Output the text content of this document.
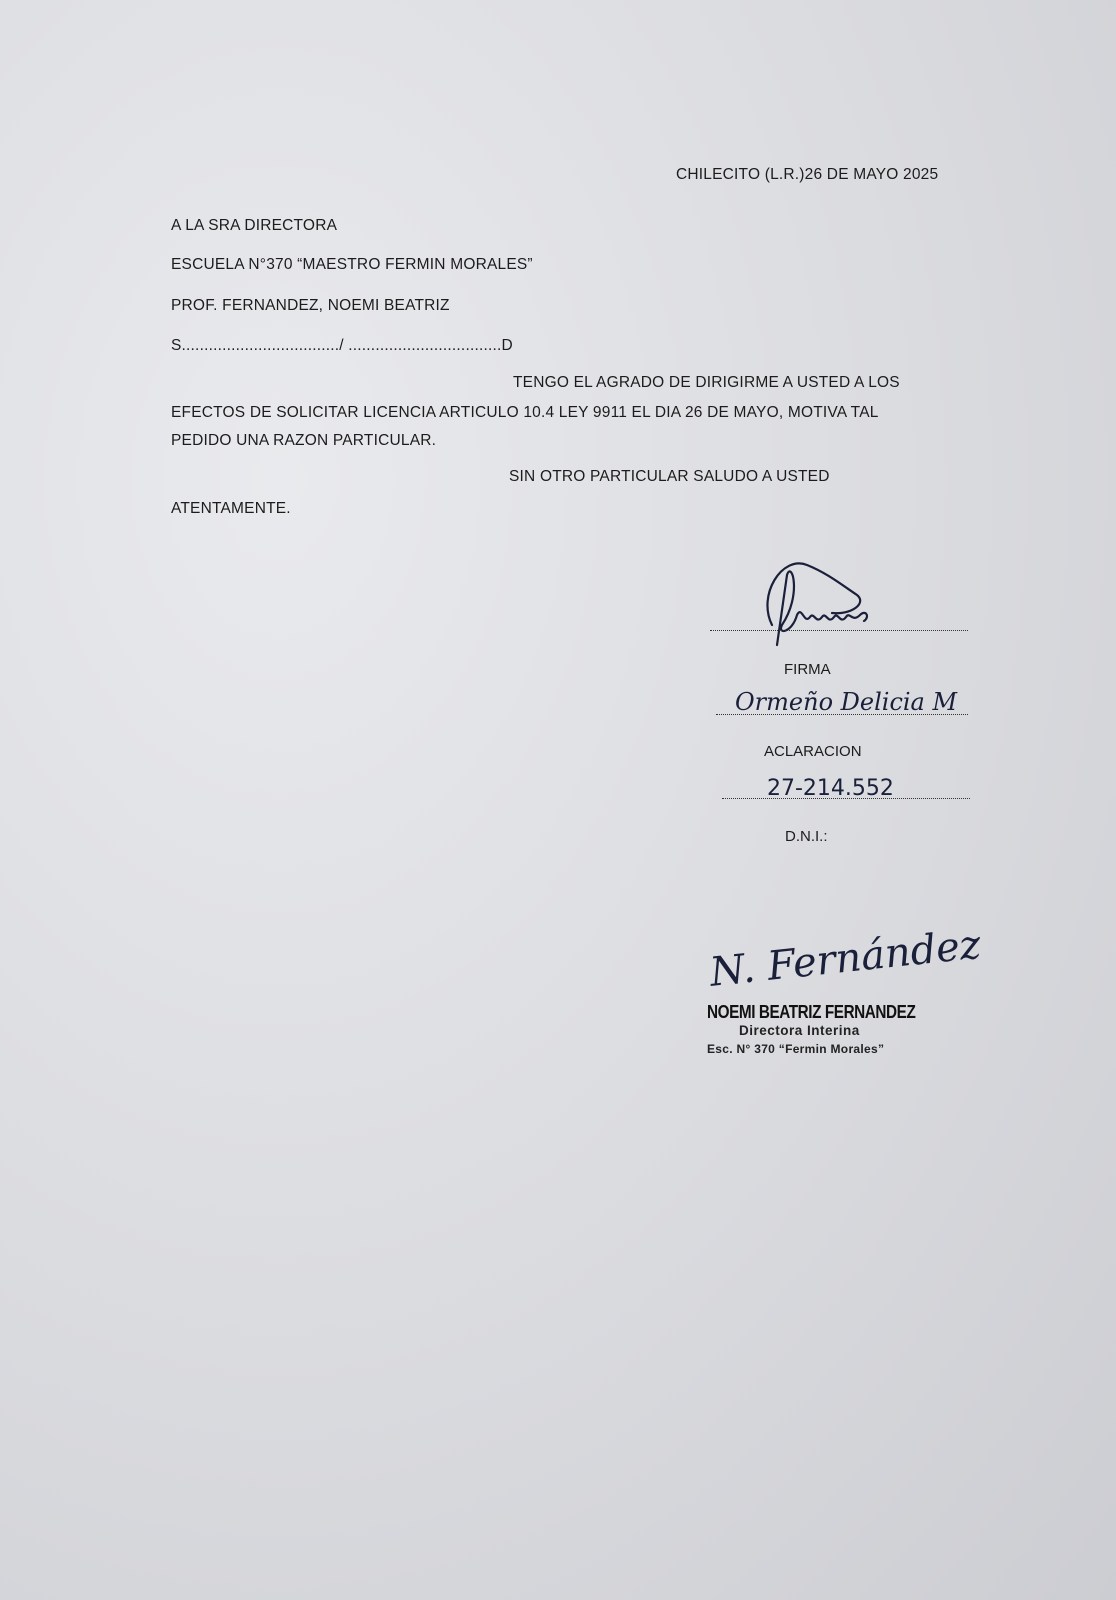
CHILECITO (L.R.)26 DE MAYO 2025
A LA SRA DIRECTORA
ESCUELA N°370 “MAESTRO FERMIN MORALES”
PROF. FERNANDEZ, NOEMI BEATRIZ
S.................................../ ..................................D
TENGO EL AGRADO DE DIRIGIRME A USTED A LOS
EFECTOS DE SOLICITAR LICENCIA ARTICULO 10.4 LEY 9911 EL DIA 26 DE MAYO, MOTIVA TAL
PEDIDO UNA RAZON PARTICULAR.
SIN OTRO PARTICULAR SALUDO A USTED
ATENTAMENTE.
FIRMA
Ormeño Delicia M
ACLARACION
27-214.552
D.N.I.:
N. Fernández
NOEMI BEATRIZ FERNANDEZ
Directora Interina
Esc. N° 370 “Fermin Morales”
